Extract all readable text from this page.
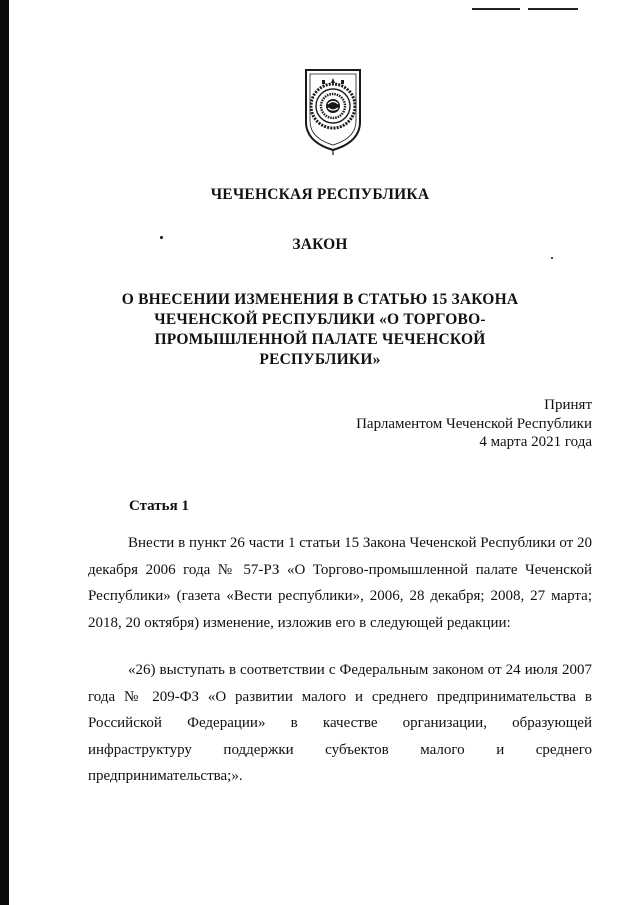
ЧЕЧЕНСКАЯ РЕСПУБЛИКА
ЗАКОН
О ВНЕСЕНИИ ИЗМЕНЕНИЯ В СТАТЬЮ 15 ЗАКОНА ЧЕЧЕНСКОЙ РЕСПУБЛИКИ «О ТОРГОВО-ПРОМЫШЛЕННОЙ ПАЛАТЕ ЧЕЧЕНСКОЙ РЕСПУБЛИКИ»
Принят
Парламентом Чеченской Республики
4 марта 2021 года
Статья 1
Внести в пункт 26 части 1 статьи 15 Закона Чеченской Республики от 20 декабря 2006 года № 57-РЗ «О Торгово-промышленной палате Чеченской Республики» (газета «Вести республики», 2006, 28 декабря; 2008, 27 марта; 2018, 20 октября) изменение, изложив его в следующей редакции:
«26) выступать в соответствии с Федеральным законом от 24 июля 2007 года № 209-ФЗ «О развитии малого и среднего предпринимательства в Российской Федерации» в качестве организации, образующей инфраструктуру поддержки субъектов малого и среднего предпринимательства;».
